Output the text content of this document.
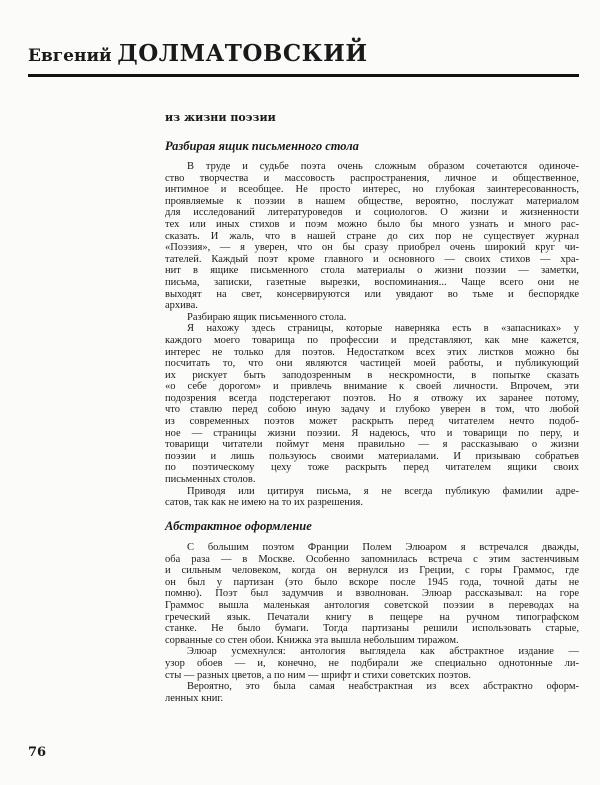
Евгений ДОЛМАТОВСКИЙ
из жизни поэзии
Разбирая ящик письменного стола
В труде и судьбе поэта очень сложным образом сочетаются одиноче-
ство творчества и массовость распространения, личное и общественное,
интимное и всеобщее. Не просто интерес, но глубокая заинтересованность,
проявляемые к поэзии в нашем обществе, вероятно, послужат материалом
для исследований литературоведов и социологов. О жизни и жизненности
тех или иных стихов и поэм можно было бы много узнать и много рас-
сказать. И жаль, что в нашей стране до сих пор не существует журнал
«Поэзия», — я уверен, что он бы сразу приобрел очень широкий круг чи-
тателей. Каждый поэт кроме главного и основного — своих стихов — хра-
нит в ящике письменного стола материалы о жизни поэзии — заметки,
письма, записки, газетные вырезки, воспоминания... Чаще всего они не
выходят на свет, консервируются или увядают во тьме и беспорядке
архива.
Разбираю ящик письменного стола.
Я нахожу здесь страницы, которые наверняка есть в «запасниках» у
каждого моего товарища по профессии и представляют, как мне кажется,
интерес не только для поэтов. Недостатком всех этих листков можно бы
посчитать то, что они являются частицей моей работы, и публикующий
их рискует быть заподозренным в нескромности, в попытке сказать
«о себе дорогом» и привлечь внимание к своей личности. Впрочем, эти
подозрения всегда подстерегают поэтов. Но я отвожу их заранее потому,
что ставлю перед собою иную задачу и глубоко уверен в том, что любой
из современных поэтов может раскрыть перед читателем нечто подоб-
ное — страницы жизни поэзии. Я надеюсь, что и товарищи по перу, и
товарищи читатели поймут меня правильно — я рассказываю о жизни
поэзии и лишь пользуюсь своими материалами. И призываю собратьев
по поэтическому цеху тоже раскрыть перед читателем ящики своих
письменных столов.
Приводя или цитируя письма, я не всегда публикую фамилии адре-
сатов, так как не имею на то их разрешения.
Абстрактное оформление
С большим поэтом Франции Полем Элюаром я встречался дважды,
оба раза — в Москве. Особенно запомнилась встреча с этим застенчивым
и сильным человеком, когда он вернулся из Греции, с горы Граммос, где
он был у партизан (это было вскоре после 1945 года, точной даты не
помню). Поэт был задумчив и взволнован. Элюар рассказывал: на горе
Граммос вышла маленькая антология советской поэзии в переводах на
греческий язык. Печатали книгу в пещере на ручном типографском
станке. Не было бумаги. Тогда партизаны решили использовать старые,
сорванные со стен обои. Книжка эта вышла небольшим тиражом.
Элюар усмехнулся: антология выглядела как абстрактное издание —
узор обоев — и, конечно, не подбирали же специально однотонные ли-
сты — разных цветов, а по ним — шрифт и стихи советских поэтов.
Вероятно, это была самая неабстрактная из всех абстрактно оформ-
ленных книг.
76
